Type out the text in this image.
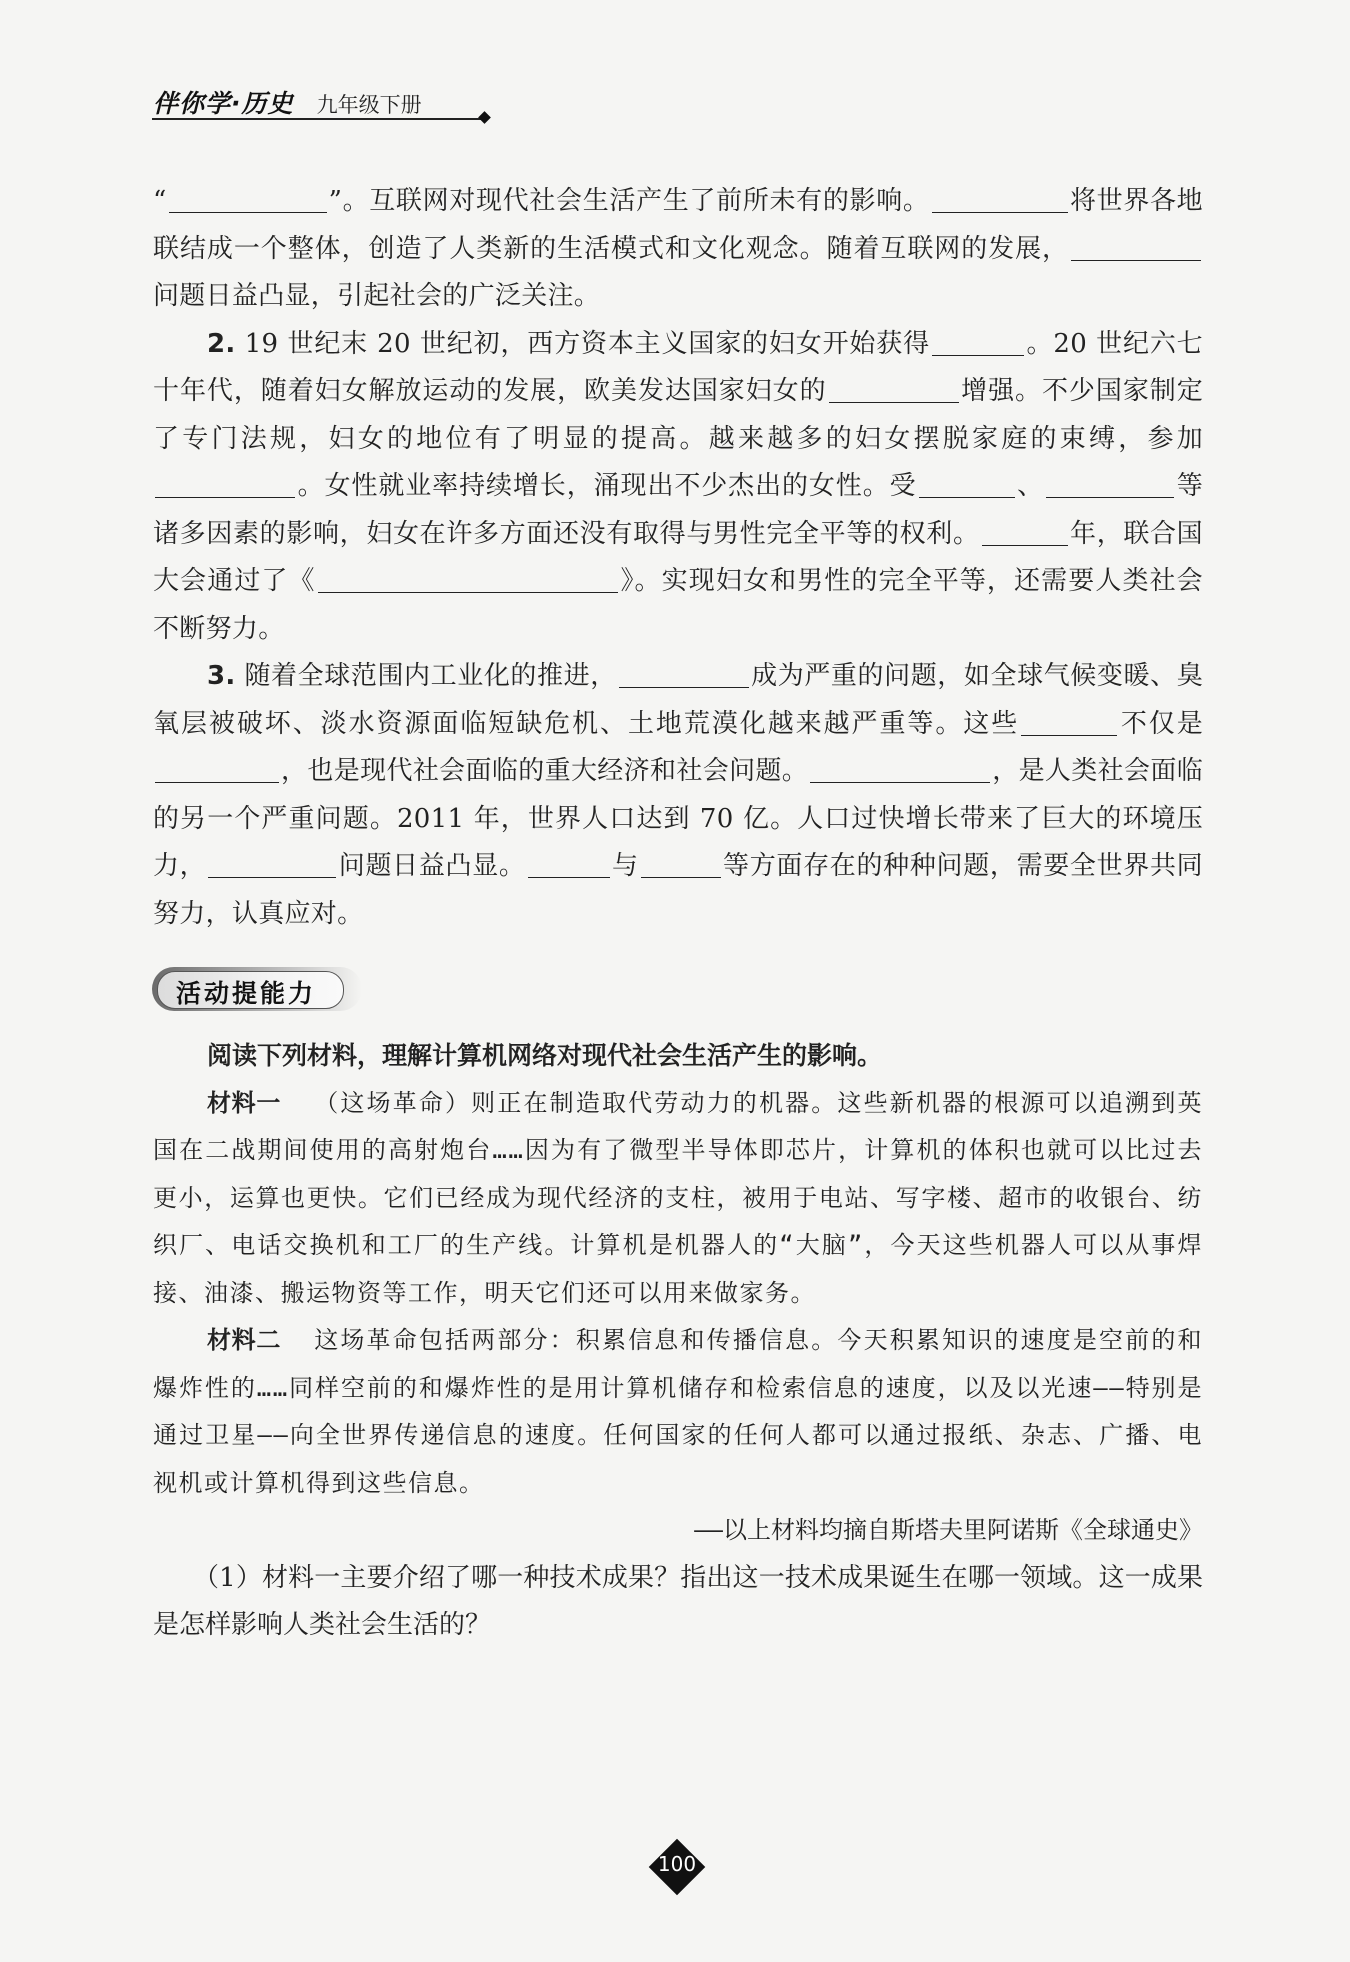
伴你学·历史 九年级下册

“	”。互联网对现代社会生活产生了前所未有的影响。	将世界各地联结成一个整体，创造了人类新的生活模式和文化观念。随着互联网的发展，问题日益凸显，引起社会的广泛关注。

2. 19 世纪末 20 世纪初，西方资本主义国家的妇女开始获得	。20 世纪六七十年代，随着妇女解放运动的发展，欧美发达国家妇女的	增强。不少国家制定了专门法规，妇女的地位有了明显的提高。越来越多的妇女摆脱家庭的束缚，参加。女性就业率持续增长，涌现出不少杰出的女性。受	、	等诸多因素的影响，妇女在许多方面还没有取得与男性完全平等的权利。	年，联合国大会通过了《	》。实现妇女和男性的完全平等，还需要人类社会不断努力。

3. 随着全球范围内工业化的推进，	成为严重的问题，如全球气候变暖、臭氧层被破坏、淡水资源面临短缺危机、土地荒漠化越来越严重等。这些	不仅是，也是现代社会面临的重大经济和社会问题。	，是人类社会面临的另一个严重问题。2011 年，世界人口达到 70 亿。人口过快增长带来了巨大的环境压力，	问题日益凸显。	与	等方面存在的种种问题，需要全世界共同努力，认真应对。

活动提能力

阅读下列材料，理解计算机网络对现代社会生活产生的影响。

材料一 （这场革命）则正在制造取代劳动力的机器。这些新机器的根源可以追溯到英国在二战期间使用的高射炮台……因为有了微型半导体即芯片，计算机的体积也就可以比过去更小，运算也更快。它们已经成为现代经济的支柱，被用于电站、写字楼、超市的收银台、纺织厂、电话交换机和工厂的生产线。计算机是机器人的“大脑”，今天这些机器人可以从事焊接、油漆、搬运物资等工作，明天它们还可以用来做家务。

材料二 这场革命包括两部分：积累信息和传播信息。今天积累知识的速度是空前的和爆炸性的……同样空前的和爆炸性的是用计算机储存和检索信息的速度，以及以光速——特别是通过卫星——向全世界传递信息的速度。任何国家的任何人都可以通过报纸、杂志、广播、电视机或计算机得到这些信息。

——以上材料均摘自斯塔夫里阿诺斯《全球通史》

（1）材料一主要介绍了哪一种技术成果？指出这一技术成果诞生在哪一领域。这一成果是怎样影响人类社会生活的？

100
